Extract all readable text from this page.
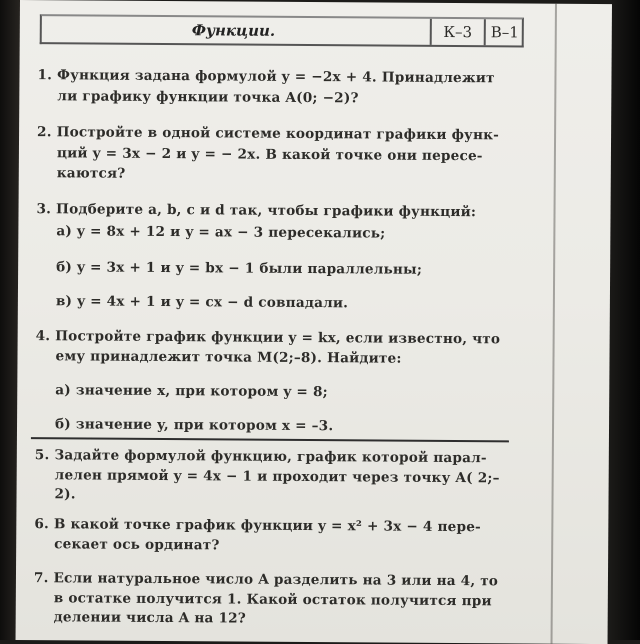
Функции.	К–3	В–1
1. Функция задана формулой y = −2x + 4. Принадлежит
ли графику функции точка A(0; −2)?
2. Постройте в одной системе координат графики функ-
ций y = 3x − 2 и y = − 2x. В какой точке они пересе-
каются?
3. Подберите a, b, c и d так, чтобы графики функций:
а) y = 8x + 12 и y = ax − 3 пересекались;
б) y = 3x + 1 и y = bx − 1 были параллельны;
в) y = 4x + 1 и y = cx − d совпадали.
4. Постройте график функции y = kx, если известно, что
ему принадлежит точка M(2;–8). Найдите:
а) значение x, при котором y = 8;
б) значение y, при котором x = –3.
5. Задайте формулой функцию, график которой парал-
лелен прямой y = 4x − 1 и проходит через точку A( 2;–
2).
6. В какой точке график функции y = x² + 3x − 4 пере-
секает ось ординат?
7. Если натуральное число A разделить на 3 или на 4, то
в остатке получится 1. Какой остаток получится при
делении числа A на 12?
